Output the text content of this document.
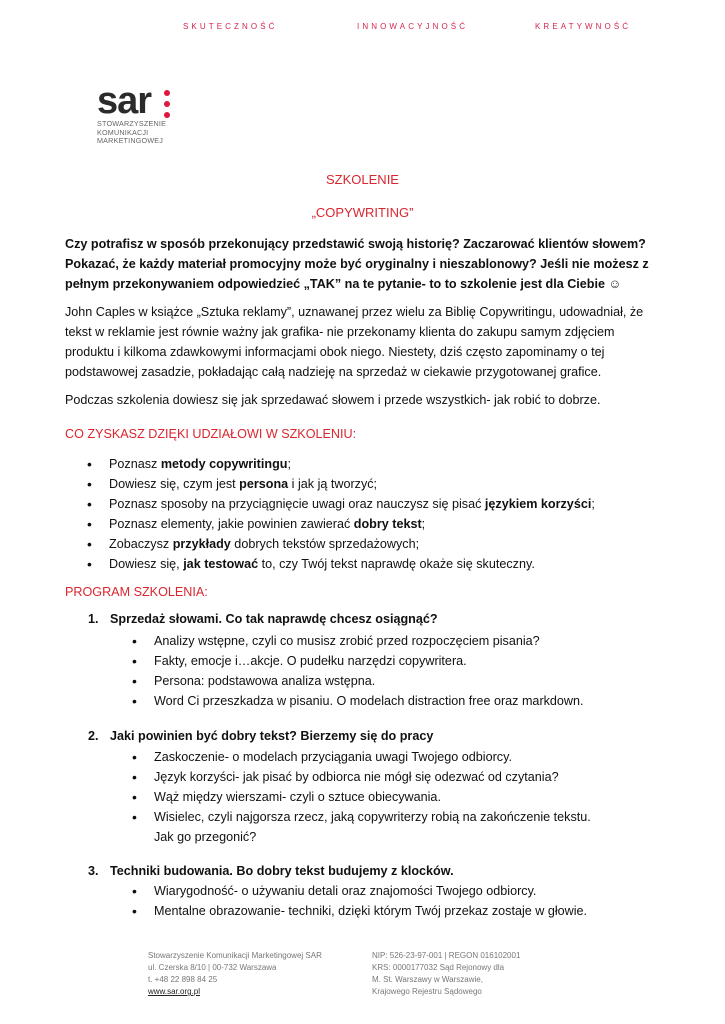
SKUTECZNOŚĆ	INNOWACYJNOŚĆ	KREATYWNOŚĆ
sar
STOWARZYSZENIE
KOMUNIKACJI
MARKETINGOWEJ
SZKOLENIE
„COPYWRITING”
Czy potrafisz w sposób przekonujący przedstawić swoją historię? Zaczarować klientów słowem? Pokazać, że każdy materiał promocyjny może być oryginalny i nieszablonowy? Jeśli nie możesz z pełnym przekonywaniem odpowiedzieć „TAK” na te pytanie- to to szkolenie jest dla Ciebie ☺
John Caples w książce „Sztuka reklamy”, uznawanej przez wielu za Biblię Copywritingu, udowadniał, że tekst w reklamie jest równie ważny jak grafika- nie przekonamy klienta do zakupu samym zdjęciem produktu i kilkoma zdawkowymi informacjami obok niego. Niestety, dziś często zapominamy o tej podstawowej zasadzie, pokładając całą nadzieję na sprzedaż w ciekawie przygotowanej grafice.
Podczas szkolenia dowiesz się jak sprzedawać słowem i przede wszystkich- jak robić to dobrze.
CO ZYSKASZ DZIĘKI UDZIAŁOWI W SZKOLENIU:
• Poznasz metody copywritingu;
• Dowiesz się, czym jest persona i jak ją tworzyć;
• Poznasz sposoby na przyciągnięcie uwagi oraz nauczysz się pisać językiem korzyści;
• Poznasz elementy, jakie powinien zawierać dobry tekst;
• Zobaczysz przykłady dobrych tekstów sprzedażowych;
• Dowiesz się, jak testować to, czy Twój tekst naprawdę okaże się skuteczny.
PROGRAM SZKOLENIA:
1. Sprzedaż słowami. Co tak naprawdę chcesz osiągnąć?
• Analizy wstępne, czyli co musisz zrobić przed rozpoczęciem pisania?
• Fakty, emocje i…akcje. O pudełku narzędzi copywritera.
• Persona: podstawowa analiza wstępna.
• Word Ci przeszkadza w pisaniu. O modelach distraction free oraz markdown.
2. Jaki powinien być dobry tekst? Bierzemy się do pracy
• Zaskoczenie- o modelach przyciągania uwagi Twojego odbiorcy.
• Język korzyści- jak pisać by odbiorca nie mógł się odezwać od czytania?
• Wąż między wierszami- czyli o sztuce obiecywania.
• Wisielec, czyli najgorsza rzecz, jaką copywriterzy robią na zakończenie tekstu. Jak go przegonić?
3. Techniki budowania. Bo dobry tekst budujemy z klocków.
• Wiarygodność- o używaniu detali oraz znajomości Twojego odbiorcy.
• Mentalne obrazowanie- techniki, dzięki którym Twój przekaz zostaje w głowie.
Stowarzyszenie Komunikacji Marketingowej SAR
ul. Czerska 8/10 | 00-732 Warszawa
t. +48 22 898 84 25
www.sar.org.pl
NIP: 526-23-97-001 | REGON 016102001
KRS: 0000177032 Sąd Rejonowy dla
M. St. Warszawy w Warszawie,
Krajowego Rejestru Sądowego
